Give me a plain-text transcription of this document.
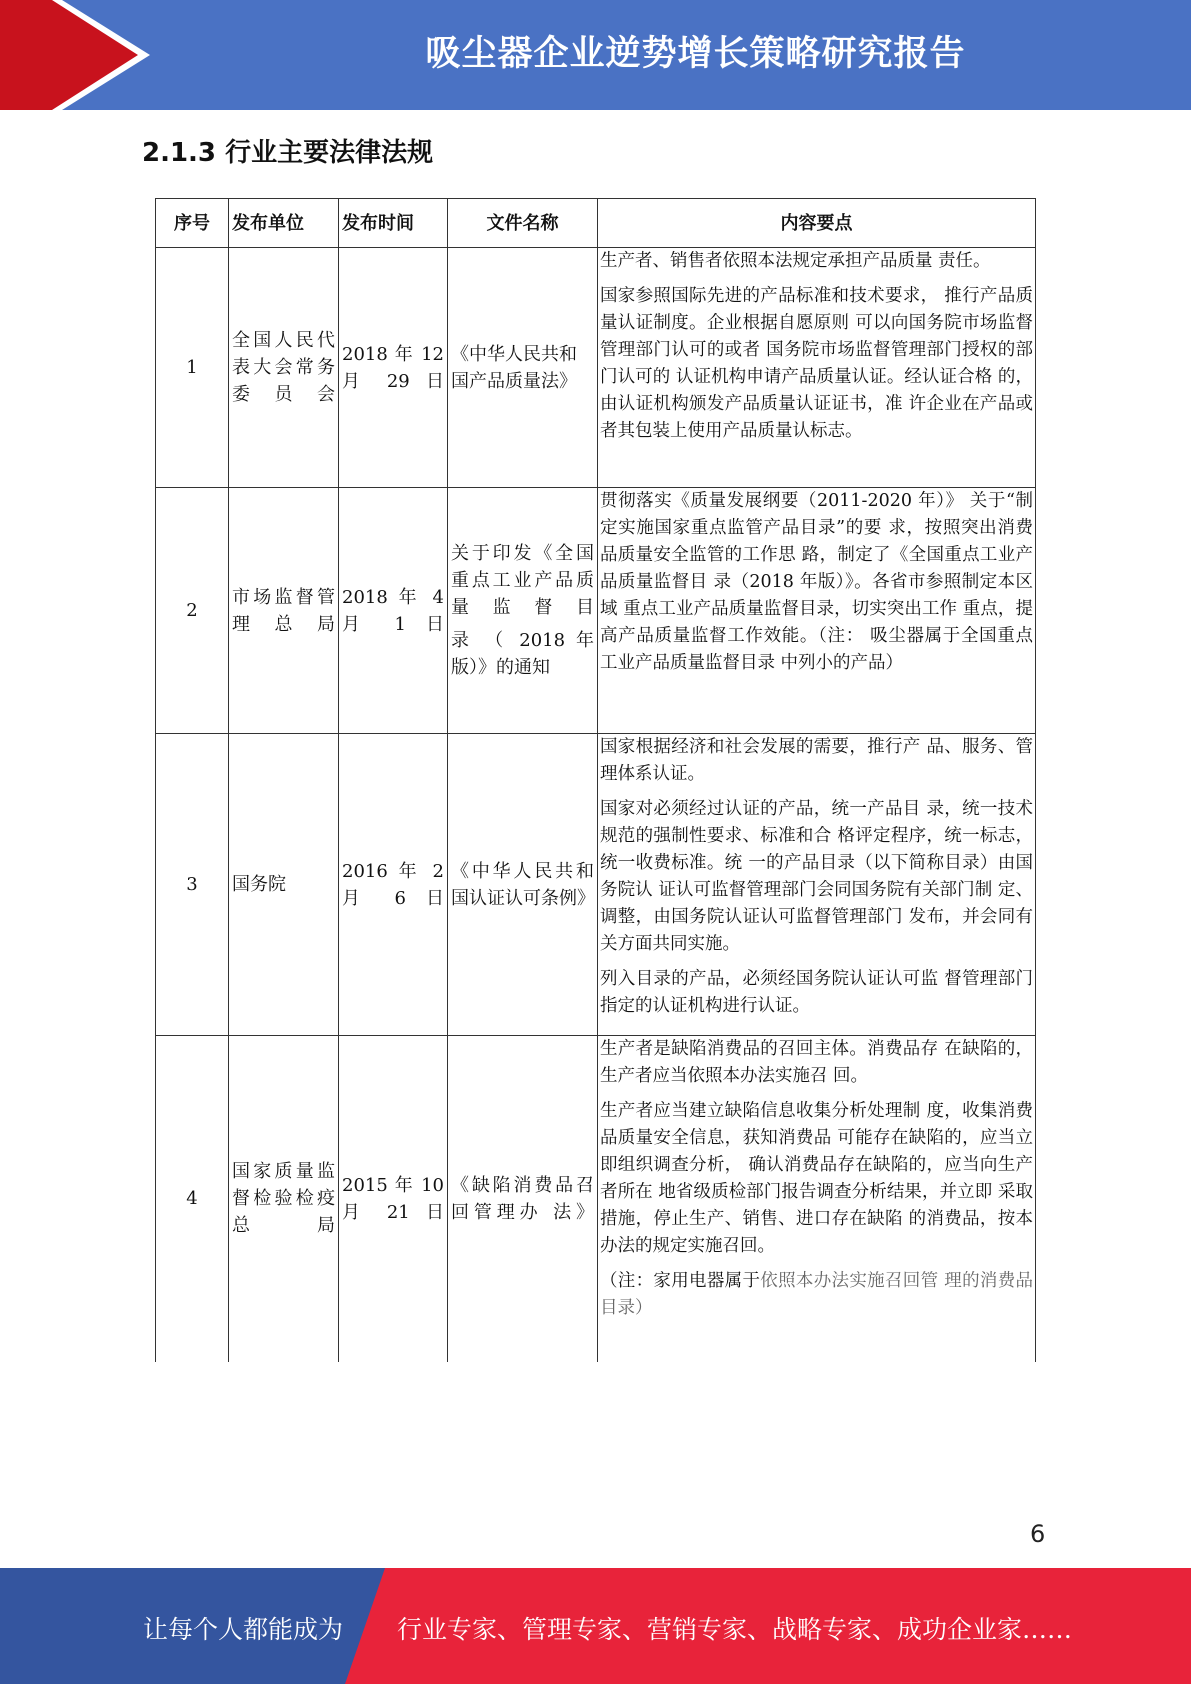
吸尘器企业逆势增长策略研究报告
2.1.3 行业主要法律法规
序号	发布单位	发布时间	文件名称	内容要点
1	全国人民代表大会常务委员会	2018 年 12 月 29 日	《中华人民共和国产品质量法》	生产者、销售者依照本法规定承担产品质量 责任。

国家参照国际先进的产品标准和技术要求， 推行产品质量认证制度。企业根据自愿原则 可以向国务院市场监督管理部门认可的或者 国务院市场监督管理部门授权的部门认可的 认证机构申请产品质量认证。经认证合格 的，由认证机构颁发产品质量认证证书，准 许企业在产品或者其包装上使用产品质量认标志。

2	市场监督管理总局	2018 年 4 月 1 日	关于印发《全国重点工业产品质量监督目
录 （ 2018 年版）》的通知	贯彻落实《质量发展纲要（2011-2020 年）》 关于“制定实施国家重点监管产品目录”的要 求，按照突出消费品质量安全监管的工作思 路，制定了《全国重点工业产品质量监督目 录（2018 年版）》。各省市参照制定本区域 重点工业产品质量监督目录，切实突出工作 重点，提高产品质量监督工作效能。（注： 吸尘器属于全国重点工业产品质量监督目录 中列小的产品）

3	国务院	2016 年 2 月 6 日	《中华人民共和国认证认可条例》	国家根据经济和社会发展的需要，推行产 品、服务、管理体系认证。

国家对必须经过认证的产品，统一产品目 录，统一技术规范的强制性要求、标准和合 格评定程序，统一标志，统一收费标准。统 一的产品目录（以下简称目录）由国务院认 证认可监督管理部门会同国务院有关部门制 定、调整，由国务院认证认可监督管理部门 发布，并会同有关方面共同实施。

列入目录的产品，必须经国务院认证认可监 督管理部门指定的认证机构进行认证。

4	国家质量监督检验检疫总局	2015 年 10 月 21 日	《缺陷消费品召回管理办 法》	生产者是缺陷消费品的召回主体。消费品存 在缺陷的，生产者应当依照本办法实施召 回。

生产者应当建立缺陷信息收集分析处理制 度，收集消费品质量安全信息，获知消费品 可能存在缺陷的，应当立即组织调查分析， 确认消费品存在缺陷的，应当向生产者所在 地省级质检部门报告调查分析结果，并立即 采取措施，停止生产、销售、进口存在缺陷 的消费品，按本办法的规定实施召回。

（注：家用电器属于依照本办法实施召回管 理的消费品目录）

6
让每个人都能成为 行业专家、管理专家、营销专家、战略专家、成功企业家……
